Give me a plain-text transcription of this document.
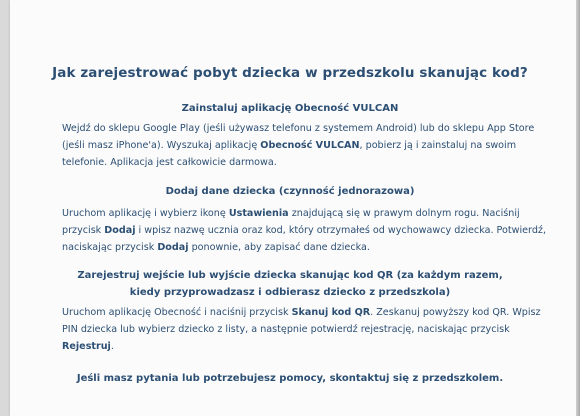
Jak zarejestrować pobyt dziecka w przedszkolu skanując kod?
Zainstaluj aplikację Obecność VULCAN
Wejdź do sklepu Google Play (jeśli używasz telefonu z systemem Android) lub do sklepu App Store
(jeśli masz iPhone'a). Wyszukaj aplikację Obecność VULCAN, pobierz ją i zainstaluj na swoim
telefonie. Aplikacja jest całkowicie darmowa.
Dodaj dane dziecka (czynność jednorazowa)
Uruchom aplikację i wybierz ikonę Ustawienia znajdującą się w prawym dolnym rogu. Naciśnij
przycisk Dodaj i wpisz nazwę ucznia oraz kod, który otrzymałeś od wychowawcy dziecka. Potwierdź,
naciskając przycisk Dodaj ponownie, aby zapisać dane dziecka.
Zarejestruj wejście lub wyjście dziecka skanując kod QR (za każdym razem,
kiedy przyprowadzasz i odbierasz dziecko z przedszkola)
Uruchom aplikację Obecność i naciśnij przycisk Skanuj kod QR. Zeskanuj powyższy kod QR. Wpisz
PIN dziecka lub wybierz dziecko z listy, a następnie potwierdź rejestrację, naciskając przycisk
Rejestruj.
Jeśli masz pytania lub potrzebujesz pomocy, skontaktuj się z przedszkolem.
